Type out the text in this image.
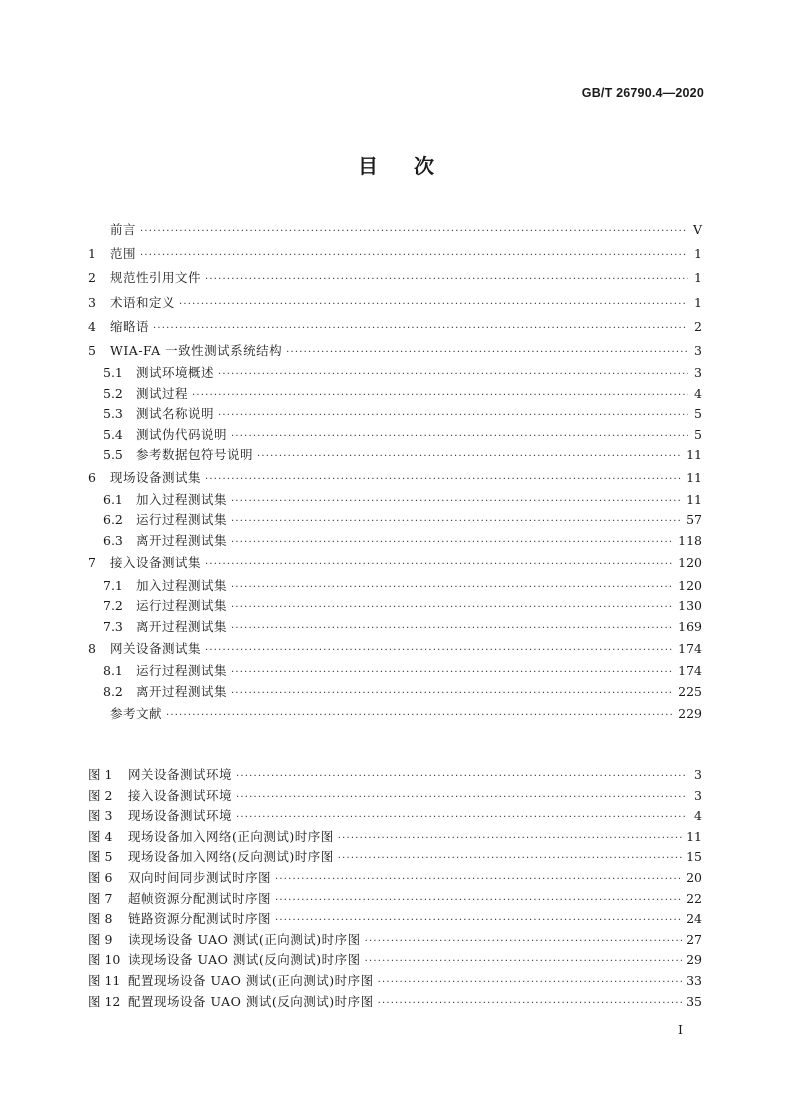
GB/T 26790.4—2020
目 次
前言 ·····	V
1	范围 ·····	1
2	规范性引用文件 ·····	1
3	术语和定义 ·····	1
4	缩略语 ·····	2
5	WIA-FA 一致性测试系统结构 ·····	3
5.1	测试环境概述 ·····	3
5.2	测试过程 ·····	4
5.3	测试名称说明 ·····	5
5.4	测试伪代码说明 ·····	5
5.5	参考数据包符号说明 ·····	11
6	现场设备测试集 ·····	11
6.1	加入过程测试集 ·····	11
6.2	运行过程测试集 ·····	57
6.3	离开过程测试集 ·····	118
7	接入设备测试集 ·····	120
7.1	加入过程测试集 ·····	120
7.2	运行过程测试集 ·····	130
7.3	离开过程测试集 ·····	169
8	网关设备测试集 ·····	174
8.1	运行过程测试集 ·····	174
8.2	离开过程测试集 ·····	225
参考文献 ·····	229
图 1	网关设备测试环境 ·····	3
图 2	接入设备测试环境 ·····	3
图 3	现场设备测试环境 ·····	4
图 4	现场设备加入网络(正向测试)时序图 ·····	11
图 5	现场设备加入网络(反向测试)时序图 ·····	15
图 6	双向时间同步测试时序图 ·····	20
图 7	超帧资源分配测试时序图 ·····	22
图 8	链路资源分配测试时序图 ·····	24
图 9	读现场设备 UAO 测试(正向测试)时序图 ·····	27
图 10 读现场设备 UAO 测试(反向测试)时序图 ·····	29
图 11 配置现场设备 UAO 测试(正向测试)时序图 ·····	33
图 12 配置现场设备 UAO 测试(反向测试)时序图 ·····	35
I
